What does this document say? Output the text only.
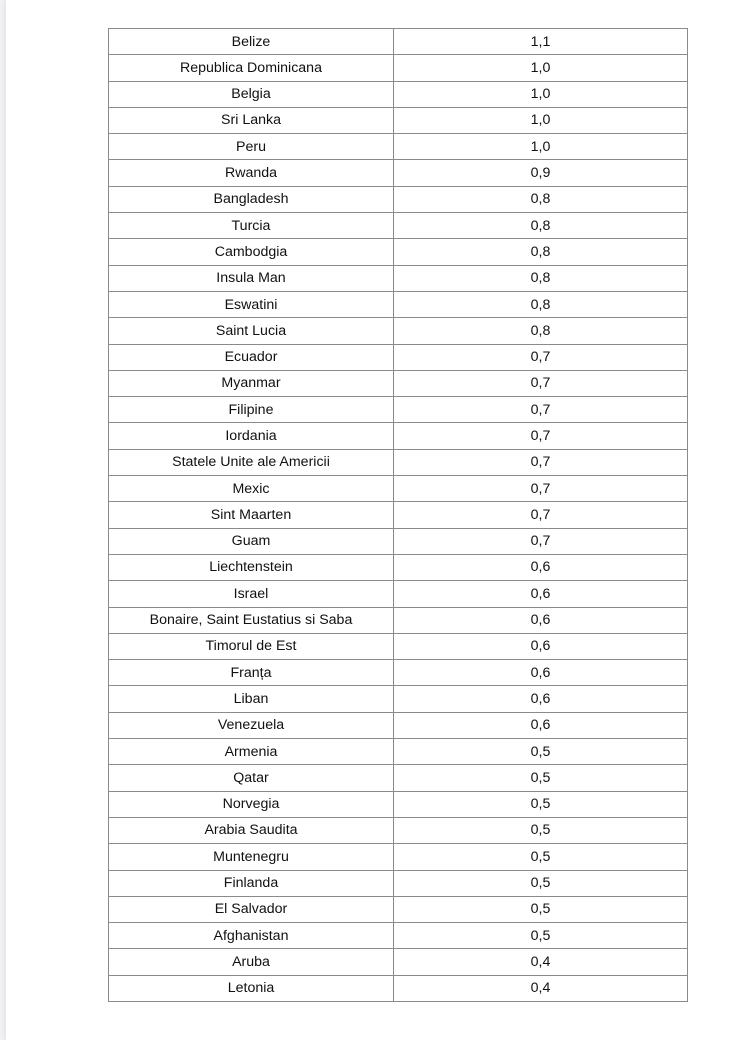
Belize	1,1
Republica Dominicana	1,0
Belgia	1,0
Sri Lanka	1,0
Peru	1,0
Rwanda	0,9
Bangladesh	0,8
Turcia	0,8
Cambodgia	0,8
Insula Man	0,8
Eswatini	0,8
Saint Lucia	0,8
Ecuador	0,7
Myanmar	0,7
Filipine	0,7
Iordania	0,7
Statele Unite ale Americii	0,7
Mexic	0,7
Sint Maarten	0,7
Guam	0,7
Liechtenstein	0,6
Israel	0,6
Bonaire, Saint Eustatius si Saba	0,6
Timorul de Est	0,6
Franța	0,6
Liban	0,6
Venezuela	0,6
Armenia	0,5
Qatar	0,5
Norvegia	0,5
Arabia Saudita	0,5
Muntenegru	0,5
Finlanda	0,5
El Salvador	0,5
Afghanistan	0,5
Aruba	0,4
Letonia	0,4
